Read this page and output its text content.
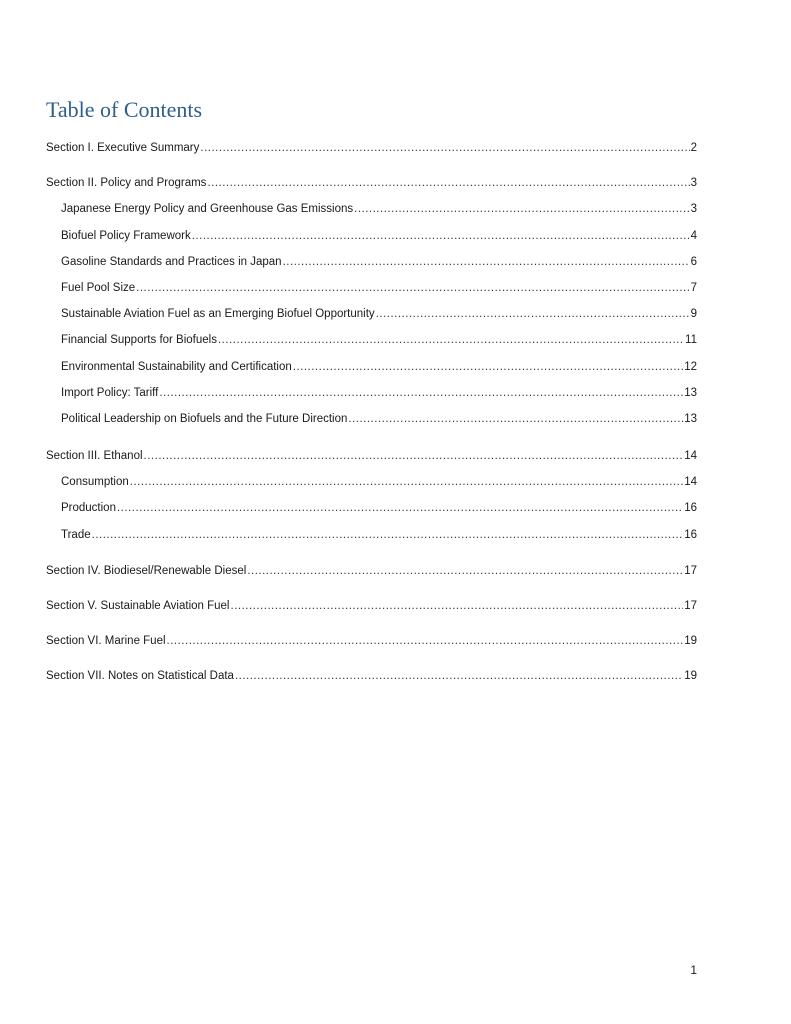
Table of Contents
Section I. Executive Summary .....	2
Section II. Policy and Programs .....	3
Japanese Energy Policy and Greenhouse Gas Emissions .....	3
Biofuel Policy Framework .....	4
Gasoline Standards and Practices in Japan .....	6
Fuel Pool Size .....	7
Sustainable Aviation Fuel as an Emerging Biofuel Opportunity .....	9
Financial Supports for Biofuels .....	11
Environmental Sustainability and Certification .....	12
Import Policy: Tariff .....	13
Political Leadership on Biofuels and the Future Direction .....	13
Section III. Ethanol .....	14
Consumption .....	14
Production .....	16
Trade .....	16
Section IV. Biodiesel/Renewable Diesel .....	17
Section V. Sustainable Aviation Fuel .....	17
Section VI. Marine Fuel .....	19
Section VII. Notes on Statistical Data .....	19
1
